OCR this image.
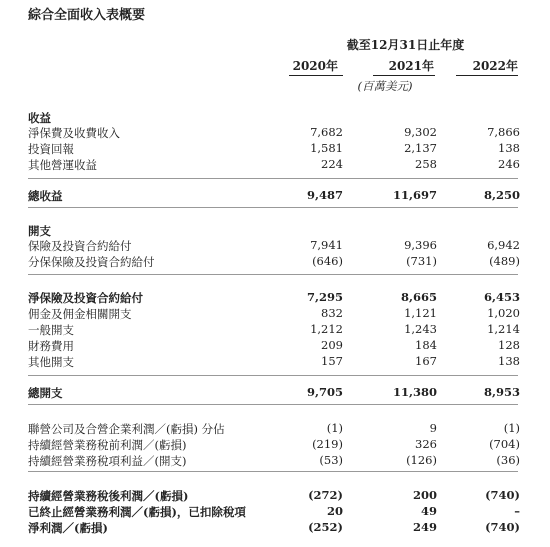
綜合全面收入表概要
截至12月31日止年度
2020年	2021年	2022年
(百萬美元)
收益
淨保費及收費收入	7,682	9,302	7,866
投資回報	1,581	2,137	138
其他營運收益	224	258	246
總收益	9,487	11,697	8,250
開支
保險及投資合約給付	7,941	9,396	6,942
分保保險及投資合約給付	(646)	(731)	(489)
淨保險及投資合約給付	7,295	8,665	6,453
佣金及佣金相關開支	832	1,121	1,020
一般開支	1,212	1,243	1,214
財務費用	209	184	128
其他開支	157	167	138
總開支	9,705	11,380	8,953
聯營公司及合營企業利潤／(虧損) 分佔	(1)	9	(1)
持續經營業務稅前利潤／(虧損)	(219)	326	(704)
持續經營業務稅項利益／(開支)	(53)	(126)	(36)
持續經營業務稅後利潤／(虧損)	(272)	200	(740)
已終止經營業務利潤／(虧損)，已扣除稅項	20	49	–
淨利潤／(虧損)	(252)	249	(740)
